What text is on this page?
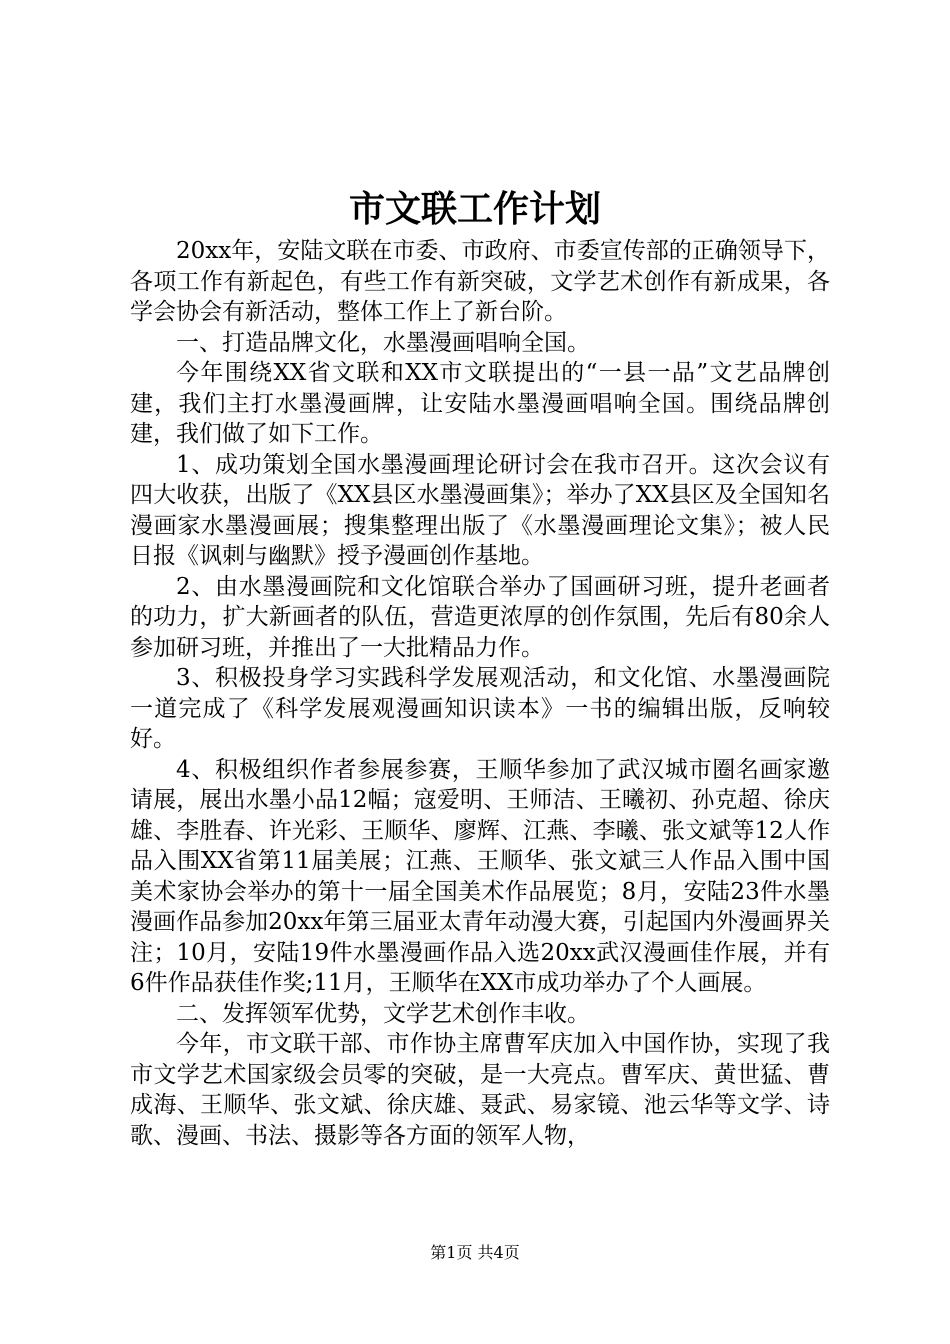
市文联工作计划

20xx年，安陆文联在市委、市政府、市委宣传部的正确领导下，各项工作有新起色，有些工作有新突破，文学艺术创作有新成果，各学会协会有新活动，整体工作上了新台阶。

一、打造品牌文化，水墨漫画唱响全国。

今年围绕XX省文联和XX市文联提出的“一县一品”文艺品牌创建，我们主打水墨漫画牌，让安陆水墨漫画唱响全国。围绕品牌创建，我们做了如下工作。

1、成功策划全国水墨漫画理论研讨会在我市召开。这次会议有四大收获，出版了《XX县区水墨漫画集》；举办了XX县区及全国知名漫画家水墨漫画展；搜集整理出版了《水墨漫画理论文集》；被人民日报《讽刺与幽默》授予漫画创作基地。

2、由水墨漫画院和文化馆联合举办了国画研习班，提升老画者的功力，扩大新画者的队伍，营造更浓厚的创作氛围，先后有80余人参加研习班，并推出了一大批精品力作。

3、积极投身学习实践科学发展观活动，和文化馆、水墨漫画院一道完成了《科学发展观漫画知识读本》一书的编辑出版，反响较好。

4、积极组织作者参展参赛，王顺华参加了武汉城市圈名画家邀请展，展出水墨小品12幅；寇爱明、王师洁、王曦初、孙克超、徐庆雄、李胜春、许光彩、王顺华、廖辉、江燕、李曦、张文斌等12人作品入围XX省第11届美展；江燕、王顺华、张文斌三人作品入围中国美术家协会举办的第十一届全国美术作品展览；8月，安陆23件水墨漫画作品参加20xx年第三届亚太青年动漫大赛，引起国内外漫画界关注；10月，安陆19件水墨漫画作品入选20xx武汉漫画佳作展，并有6件作品获佳作奖;11月，王顺华在XX市成功举办了个人画展。

二、发挥领军优势，文学艺术创作丰收。

今年，市文联干部、市作协主席曹军庆加入中国作协，实现了我市文学艺术国家级会员零的突破，是一大亮点。曹军庆、黄世猛、曹成海、王顺华、张文斌、徐庆雄、聂武、易家镜、池云华等文学、诗歌、漫画、书法、摄影等各方面的领军人物，

第1页 共4页
